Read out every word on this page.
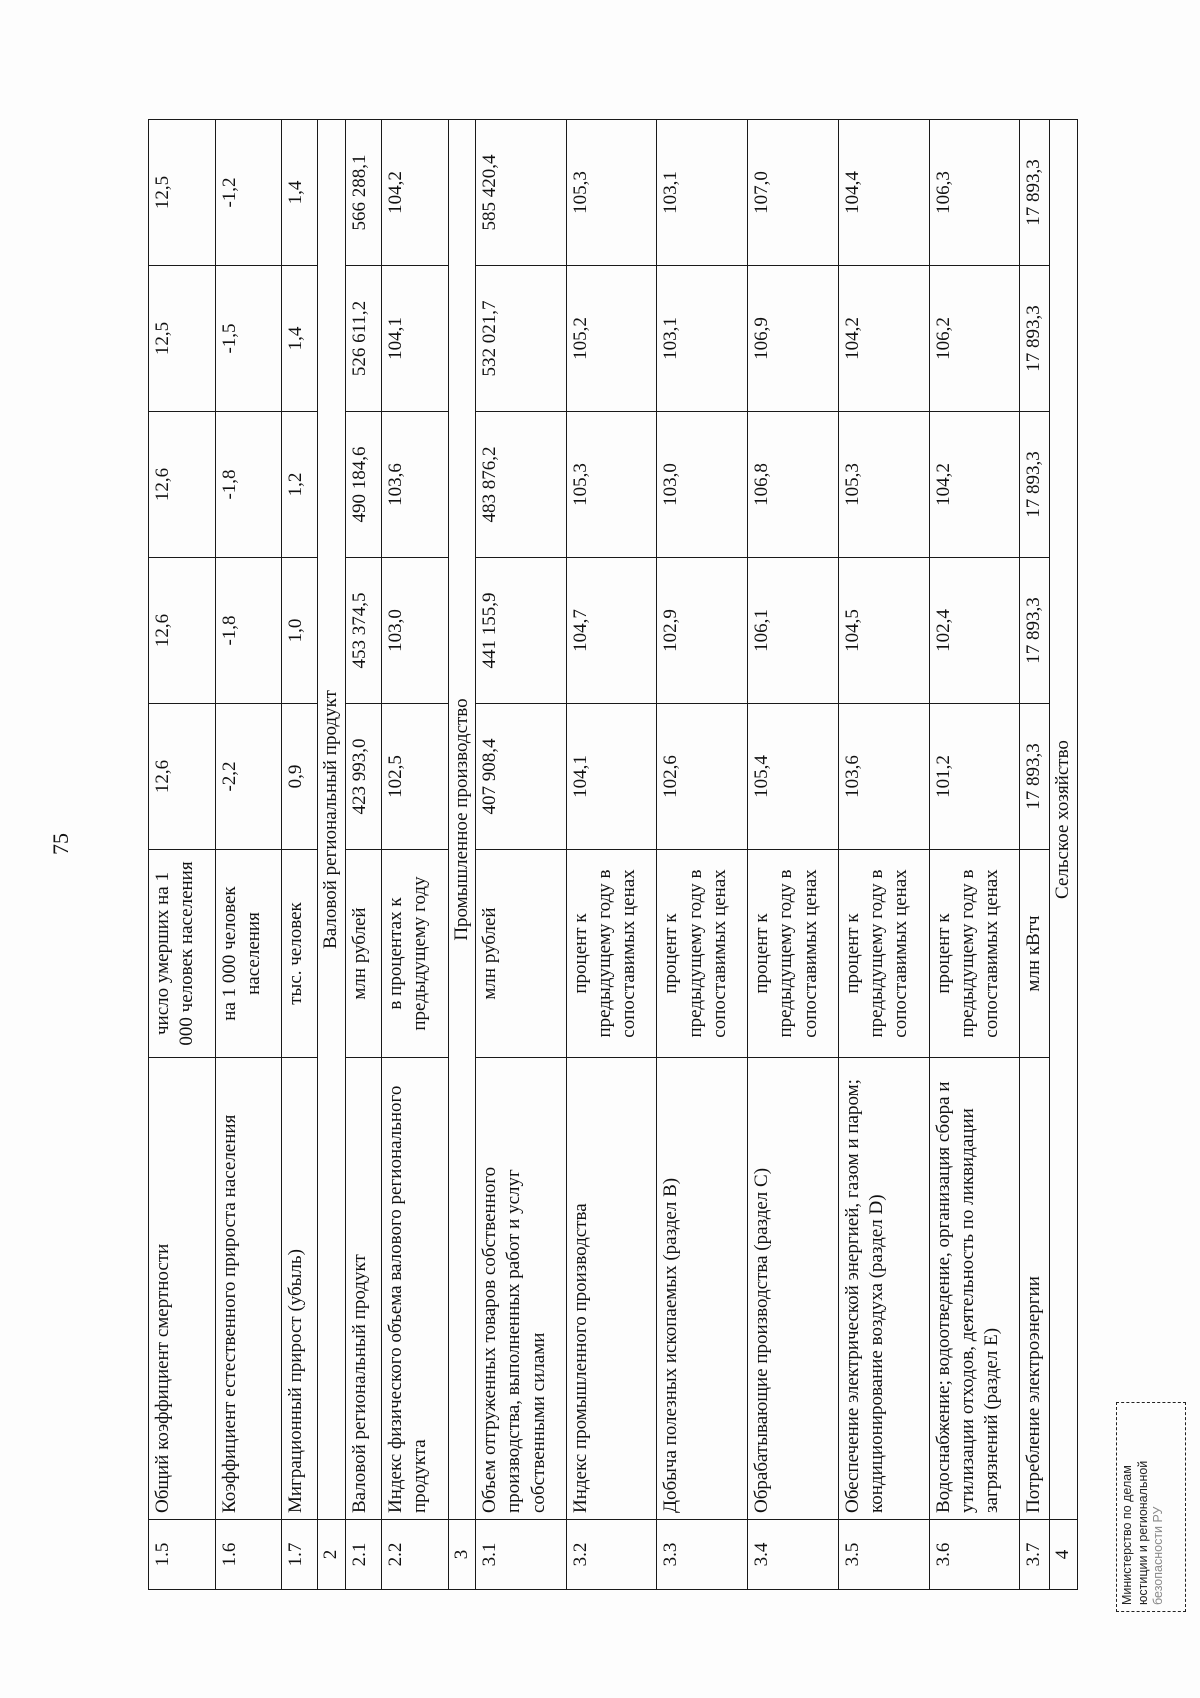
75
1.5	Общий коэффициент смертности	число умерших на 1 000 человек населения	12,6	12,6	12,6	12,5	12,5
1.6	Коэффициент естественного прироста населения	на 1 000 человек населения	-2,2	-1,8	-1,8	-1,5	-1,2
1.7	Миграционный прирост (убыль)	тыс. человек	0,9	1,0	1,2	1,4	1,4
2	Валовой региональный продукт						
2.1	Валовой региональный продукт	млн рублей	423 993,0	453 374,5	490 184,6	526 611,2	566 288,1
2.2	Индекс физического объема валового регионального продукта	в процентах к предыдущему году	102,5	103,0	103,6	104,1	104,2
3	Промышленное производство						
3.1	Объем отгруженных товаров собственного производства, выполненных работ и услуг собственными силами	млн рублей	407 908,4	441 155,9	483 876,2	532 021,7	585 420,4
3.2	Индекс промышленного производства	процент к предыдущему году в сопоставимых ценах	104,1	104,7	105,3	105,2	105,3
3.3	Добыча полезных ископаемых (раздел B)	процент к предыдущему году в сопоставимых ценах	102,6	102,9	103,0	103,1	103,1
3.4	Обрабатывающие производства (раздел C)	процент к предыдущему году в сопоставимых ценах	105,4	106,1	106,8	106,9	107,0
3.5	Обеспечение электрической энергией, газом и паром; кондиционирование воздуха (раздел D)	процент к предыдущему году в сопоставимых ценах	103,6	104,5	105,3	104,2	104,4
3.6	Водоснабжение; водоотведение, организация сбора и утилизации отходов, деятельность по ликвидации загрязнений (раздел E)	процент к предыдущему году в сопоставимых ценах	101,2	102,4	104,2	106,2	106,3
3.7	Потребление электроэнергии	млн кВтч	17 893,3	17 893,3	17 893,3	17 893,3	17 893,3
4	Сельское хозяйство						
Министерство по делам юстиции и региональной безопасности РУ
